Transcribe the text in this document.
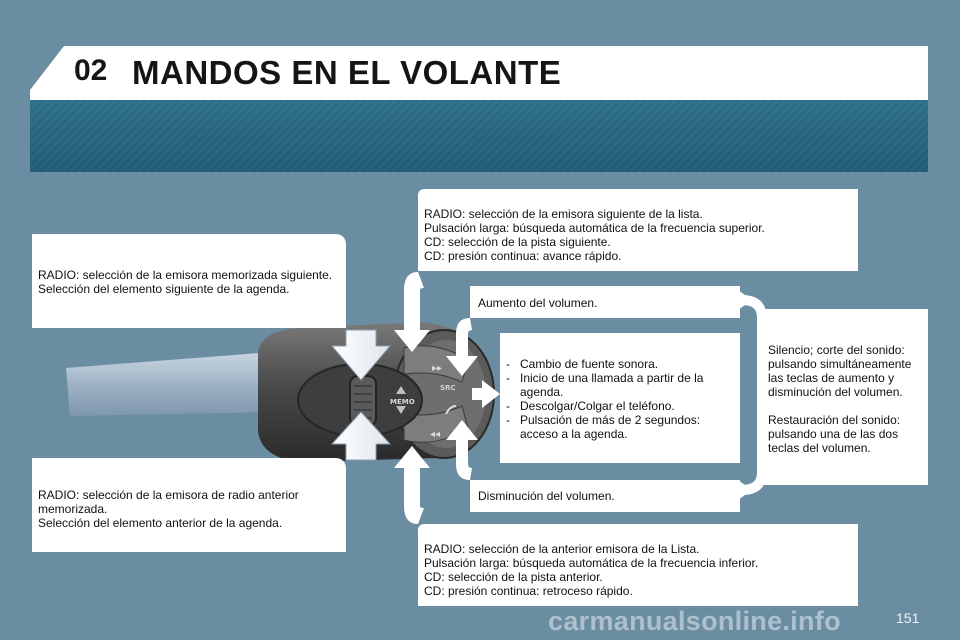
02 MANDOS EN EL VOLANTE
▸▸
◂◂
SRC
MEMO
RADIO: selección de la emisora memorizada siguiente.
Selección del elemento siguiente de la agenda.
RADIO: selección de la emisora de radio anterior
memorizada.
Selección del elemento anterior de la agenda.
RADIO: selección de la emisora siguiente de la lista.
Pulsación larga: búsqueda automática de la frecuencia superior.
CD: selección de la pista siguiente.
CD: presión continua: avance rápido.
RADIO: selección de la anterior emisora de la Lista.
Pulsación larga: búsqueda automática de la frecuencia inferior.
CD: selección de la pista anterior.
CD: presión continua: retroceso rápido.
Aumento del volumen.
Disminución del volumen.
- Cambio de fuente sonora.
- Inicio de una llamada a partir de la
agenda.
- Descolgar/Colgar el teléfono.
- Pulsación de más de 2 segundos:
acceso a la agenda.
Silencio; corte del sonido:
pulsando simultáneamente
las teclas de aumento y
disminución del volumen.
Restauración del sonido:
pulsando una de las dos
teclas del volumen.
carmanualsonline.info	151
